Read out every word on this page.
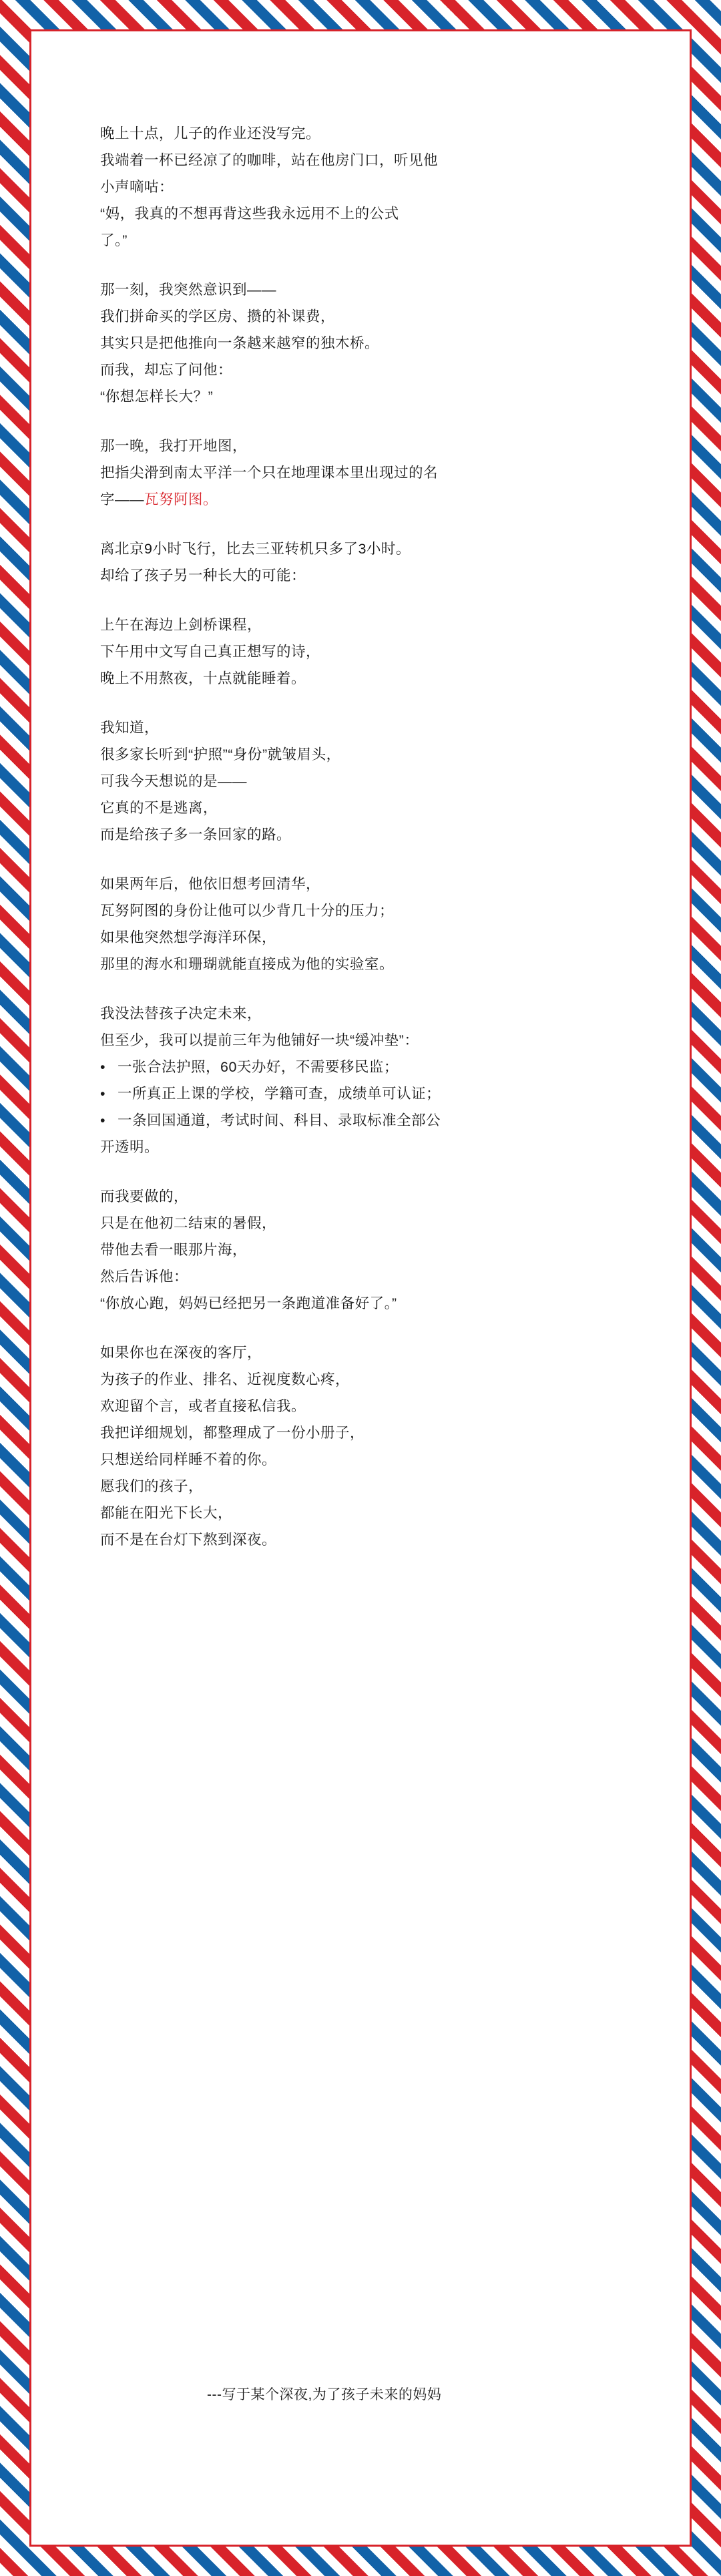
晚上十点，儿子的作业还没写完。
我端着一杯已经凉了的咖啡，站在他房门口，听见他
小声嘀咕：
“妈，我真的不想再背这些我永远用不上的公式
了。”
那一刻，我突然意识到——
我们拼命买的学区房、攒的补课费，
其实只是把他推向一条越来越窄的独木桥。
而我，却忘了问他：
“你想怎样长大？”
那一晚，我打开地图，
把指尖滑到南太平洋一个只在地理课本里出现过的名
字——瓦努阿图。
离北京9小时飞行，比去三亚转机只多了3小时。
却给了孩子另一种长大的可能：
上午在海边上剑桥课程，
下午用中文写自己真正想写的诗，
晚上不用熬夜，十点就能睡着。
我知道，
很多家长听到“护照”“身份”就皱眉头，
可我今天想说的是——
它真的不是逃离，
而是给孩子多一条回家的路。
如果两年后，他依旧想考回清华，
瓦努阿图的身份让他可以少背几十分的压力；
如果他突然想学海洋环保，
那里的海水和珊瑚就能直接成为他的实验室。
我没法替孩子决定未来，
但至少，我可以提前三年为他铺好一块“缓冲垫”：
• 一张合法护照，60天办好，不需要移民监；
• 一所真正上课的学校，学籍可查，成绩单可认证；
• 一条回国通道，考试时间、科目、录取标准全部公
开透明。
而我要做的，
只是在他初二结束的暑假，
带他去看一眼那片海，
然后告诉他：
“你放心跑，妈妈已经把另一条跑道准备好了。”
如果你也在深夜的客厅，
为孩子的作业、排名、近视度数心疼，
欢迎留个言，或者直接私信我。
我把详细规划，都整理成了一份小册子，
只想送给同样睡不着的你。
愿我们的孩子，
都能在阳光下长大，
而不是在台灯下熬到深夜。
---写于某个深夜,为了孩子未来的妈妈
